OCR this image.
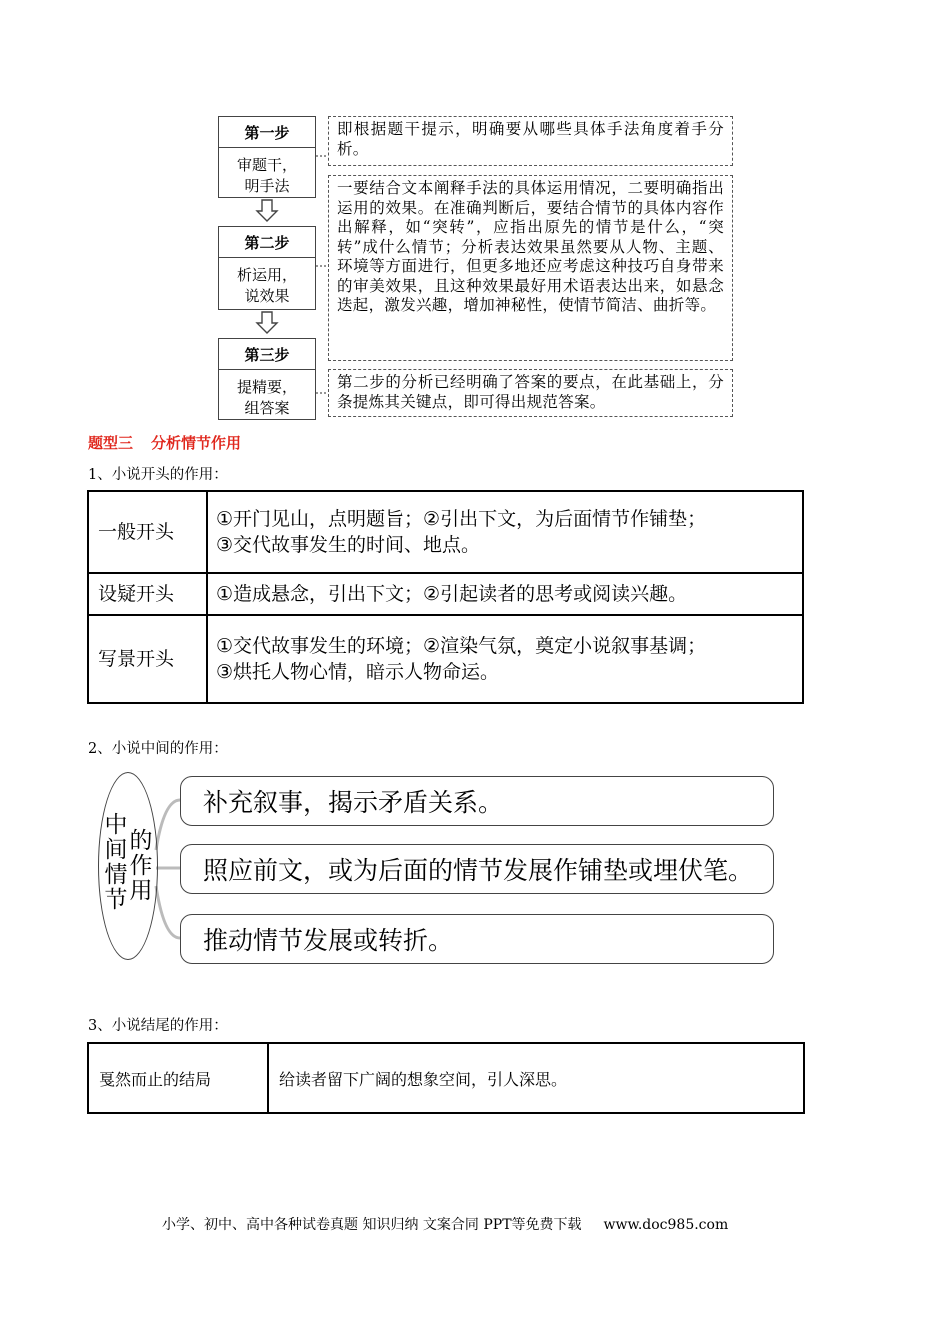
第一步
审题干，
明手法
即根据题干提示，明确要从哪些具体手法角度着手分析。
第二步
析运用，
说效果
一要结合文本阐释手法的具体运用情况，二要明确指出运用的效果。在准确判断后，要结合情节的具体内容作出解释，如“突转”，应指出原先的情节是什么，“突转”成什么情节；分析表达效果虽然要从人物、主题、环境等方面进行，但更多地还应考虑这种技巧自身带来的审美效果，且这种效果最好用术语表达出来，如悬念迭起，激发兴趣，增加神秘性，使情节简洁、曲折等。
第三步
提精要，
组答案
第二步的分析已经明确了答案的要点，在此基础上，分条提炼其关键点，即可得出规范答案。
题型三 分析情节作用
1、小说开头的作用：
一般开头	①开门见山，点明题旨；②引出下文，为后面情节作铺垫；
③交代故事发生的时间、地点。

设疑开头	①造成悬念，引出下文；②引起读者的思考或阅读兴趣。

写景开头	①交代故事发生的环境；②渲染气氛，奠定小说叙事基调；
③烘托人物心情，暗示人物命运。
2、小说中间的作用：
中
间
情
节
的
作
用
补充叙事，揭示矛盾关系。
照应前文，或为后面的情节发展作铺垫或埋伏笔。
推动情节发展或转折。
3、小说结尾的作用：
戛然而止的结局	给读者留下广阔的想象空间，引人深思。
小学、初中、高中各种试卷真题 知识归纳 文案合同 PPT等免费下载 www.doc985.com
